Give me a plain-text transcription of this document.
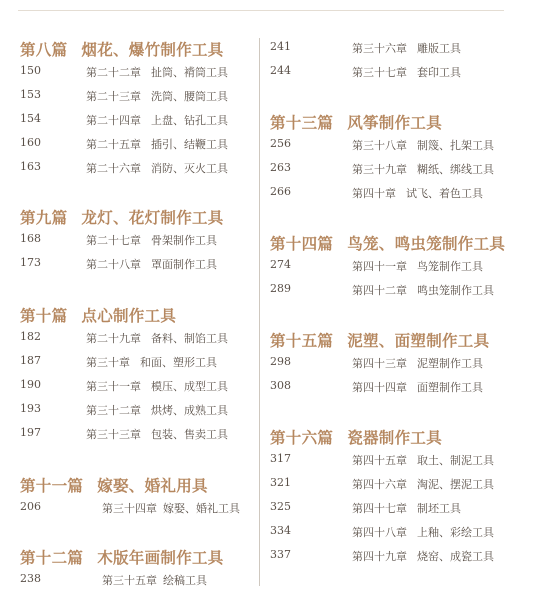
第八篇 烟花、爆竹制作工具
150	第二十二章 扯筒、褙筒工具
153	第二十三章 洗筒、腰筒工具
154	第二十四章 上盘、钻孔工具
160	第二十五章 插引、结鞭工具
163	第二十六章 消防、灭火工具
第九篇 龙灯、花灯制作工具
168	第二十七章 骨架制作工具
173	第二十八章 罩面制作工具
第十篇 点心制作工具
182	第二十九章 备料、制馅工具
187	第三十章 和面、塑形工具
190	第三十一章 模压、成型工具
193	第三十二章 烘烤、成熟工具
197	第三十三章 包装、售卖工具
第十一篇 嫁娶、婚礼用具
206	第三十四章 嫁娶、婚礼工具
第十二篇 木版年画制作工具
238	第三十五章 绘稿工具
241	第三十六章 雕版工具
244	第三十七章 套印工具
第十三篇 风筝制作工具
256	第三十八章 制篾、扎架工具
263	第三十九章 糊纸、绑线工具
266	第四十章 试飞、着色工具
第十四篇 鸟笼、鸣虫笼制作工具
274	第四十一章 鸟笼制作工具
289	第四十二章 鸣虫笼制作工具
第十五篇 泥塑、面塑制作工具
298	第四十三章 泥塑制作工具
308	第四十四章 面塑制作工具
第十六篇 瓷器制作工具
317	第四十五章 取土、制泥工具
321	第四十六章 淘泥、摆泥工具
325	第四十七章 制坯工具
334	第四十八章 上釉、彩绘工具
337	第四十九章 烧窑、成瓷工具
